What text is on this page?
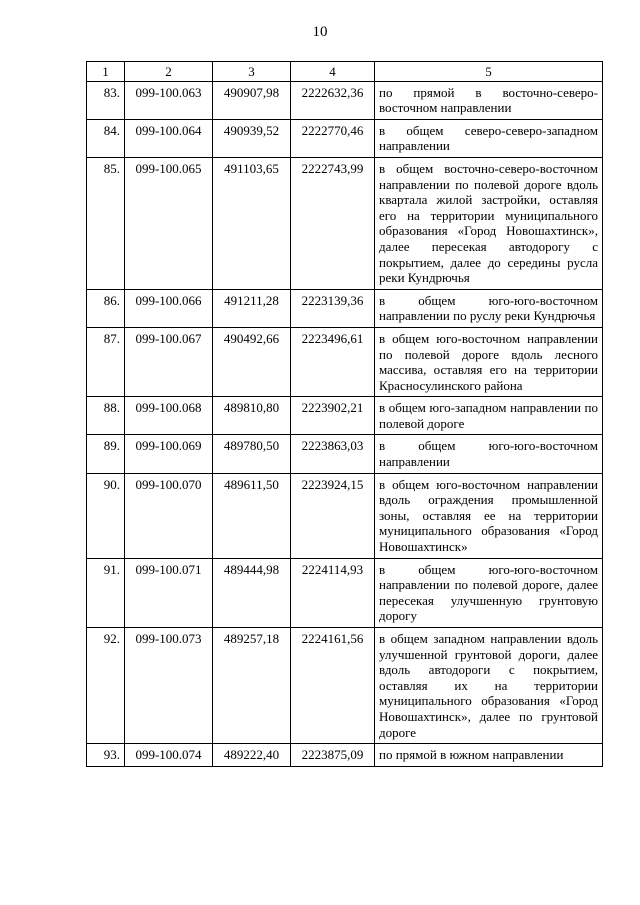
10
1	2	3	4	5
83.	099-100.063	490907,98	2222632,36	по прямой в восточно-северо-восточном направлении
84.	099-100.064	490939,52	2222770,46	в общем северо-северо-западном направлении
85.	099-100.065	491103,65	2222743,99	в общем восточно-северо-восточном направлении по полевой дороге вдоль квартала жилой застройки, оставляя его на территории муниципального образования «Город Новошахтинск», далее пересекая автодорогу с покрытием, далее до середины русла реки Кундрючья
86.	099-100.066	491211,28	2223139,36	в общем юго-юго-восточном направлении по руслу реки Кундрючья
87.	099-100.067	490492,66	2223496,61	в общем юго-восточном направлении по полевой дороге вдоль лесного массива, оставляя его на территории Красносулинского района
88.	099-100.068	489810,80	2223902,21	в общем юго-западном направлении по полевой дороге
89.	099-100.069	489780,50	2223863,03	в общем юго-юго-восточном направлении
90.	099-100.070	489611,50	2223924,15	в общем юго-восточном направлении вдоль ограждения промышленной зоны, оставляя ее на территории муниципального образования «Город Новошахтинск»
91.	099-100.071	489444,98	2224114,93	в общем юго-юго-восточном направлении по полевой дороге, далее пересекая улучшенную грунтовую дорогу
92.	099-100.073	489257,18	2224161,56	в общем западном направлении вдоль улучшенной грунтовой дороги, далее вдоль автодороги с покрытием, оставляя их на территории муниципального образования «Город Новошахтинск», далее по грунтовой дороге
93.	099-100.074	489222,40	2223875,09	по прямой в южном направлении
